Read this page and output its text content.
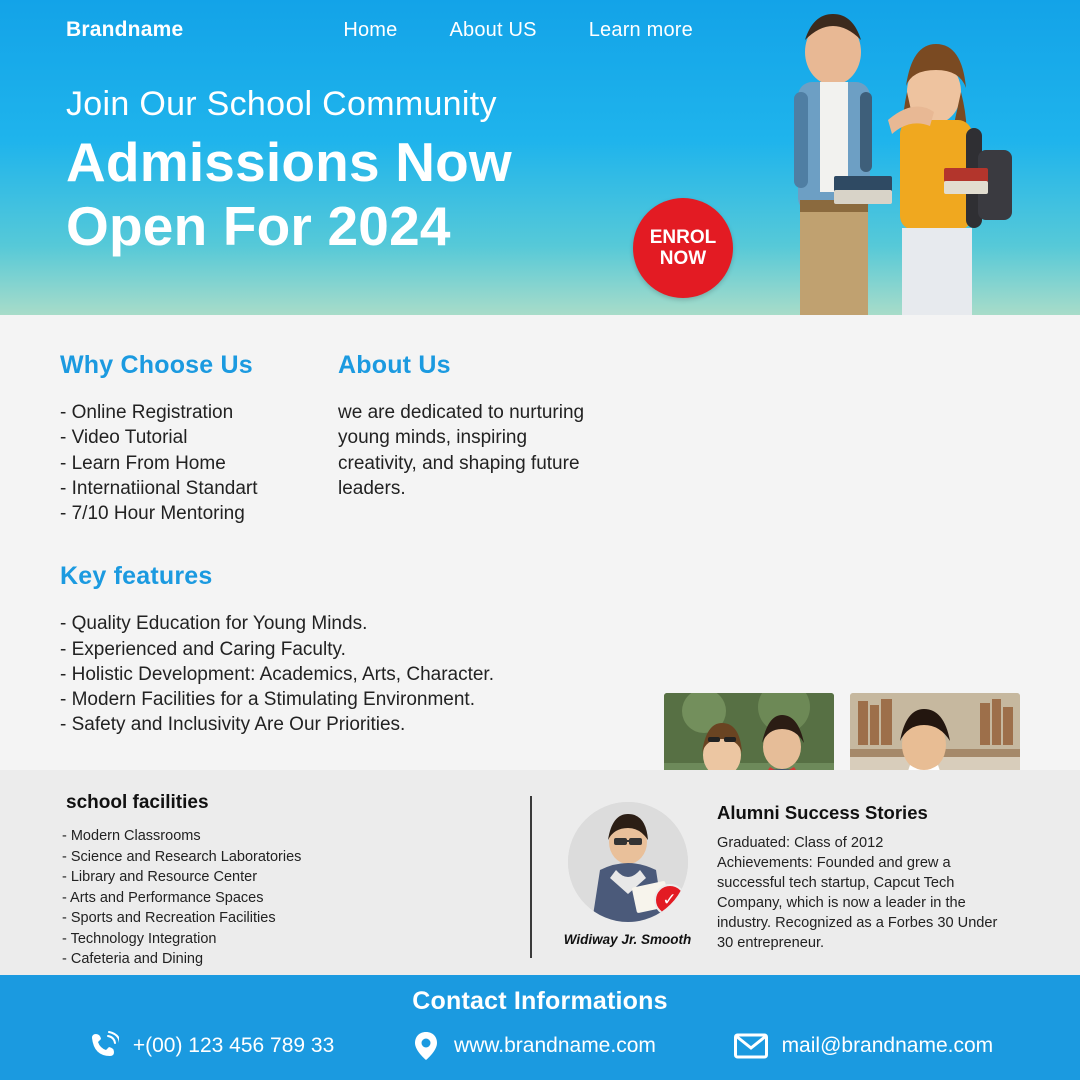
Brandname	Home	About US	Learn more
Join Our School Community
Admissions Now
Open For 2024	ENROL
NOW
Why Choose Us
- Online Registration
- Video Tutorial
- Learn From Home
- Internatiional Standart
- 7/10 Hour Mentoring
About Us
we are dedicated to nurturing young minds, inspiring creativity, and shaping future leaders.
Key features
- Quality Education for Young Minds.
- Experienced and Caring Faculty.
- Holistic Development: Academics, Arts, Character.
- Modern Facilities for a Stimulating Environment.
- Safety and Inclusivity Are Our Priorities.
school facilities
- Modern Classrooms
- Science and Research Laboratories
- Library and Resource Center
- Arts and Performance Spaces
- Sports and Recreation Facilities
- Technology Integration
- Cafeteria and Dining
✓
Widiway Jr. Smooth
Alumni Success Stories

Graduated: Class of 2012

Achievements: Founded and grew a successful tech startup, Capcut Tech Company, which is now a leader in the industry. Recognized as a Forbes 30 Under 30 entrepreneur.

Contact Informations
+(00) 123 456 789 33	www.brandname.com	mail@brandname.com
